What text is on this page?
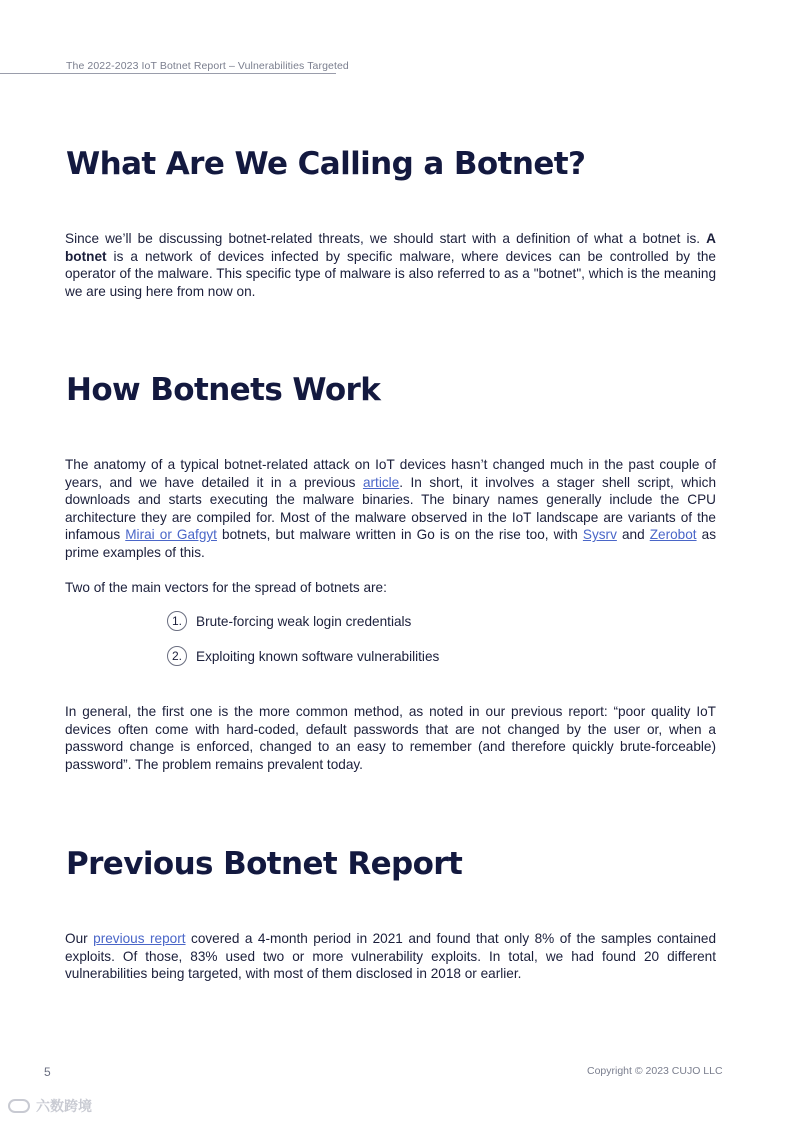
The 2022-2023 IoT Botnet Report – Vulnerabilities Targeted
What Are We Calling a Botnet?

Since we’ll be discussing botnet-related threats, we should start with a definition of what a botnet is. A botnet is a network of devices infected by specific malware, where devices can be controlled by the operator of the malware. This specific type of malware is also referred to as a "botnet", which is the meaning we are using here from now on.

How Botnets Work

The anatomy of a typical botnet-related attack on IoT devices hasn’t changed much in the past couple of years, and we have detailed it in a previous article. In short, it involves a stager shell script, which downloads and starts executing the malware binaries. The binary names generally include the CPU architecture they are compiled for. Most of the malware observed in the IoT landscape are variants of the infamous Mirai or Gafgyt botnets, but malware written in Go is on the rise too, with Sysrv and Zerobot as prime examples of this.

Two of the main vectors for the spread of botnets are:

1.	Brute-forcing weak login credentials
2.	Exploiting known software vulnerabilities

In general, the first one is the more common method, as noted in our previous report: “poor quality IoT devices often come with hard-coded, default passwords that are not changed by the user or, when a password change is enforced, changed to an easy to remember (and therefore quickly brute-forceable) password”. The problem remains prevalent today.

Previous Botnet Report

Our previous report covered a 4-month period in 2021 and found that only 8% of the samples contained exploits. Of those, 83% used two or more vulnerability exploits. In total, we had found 20 different vulnerabilities being targeted, with most of them disclosed in 2018 or earlier.

5	Copyright © 2023 CUJO LLC
六数跨境
